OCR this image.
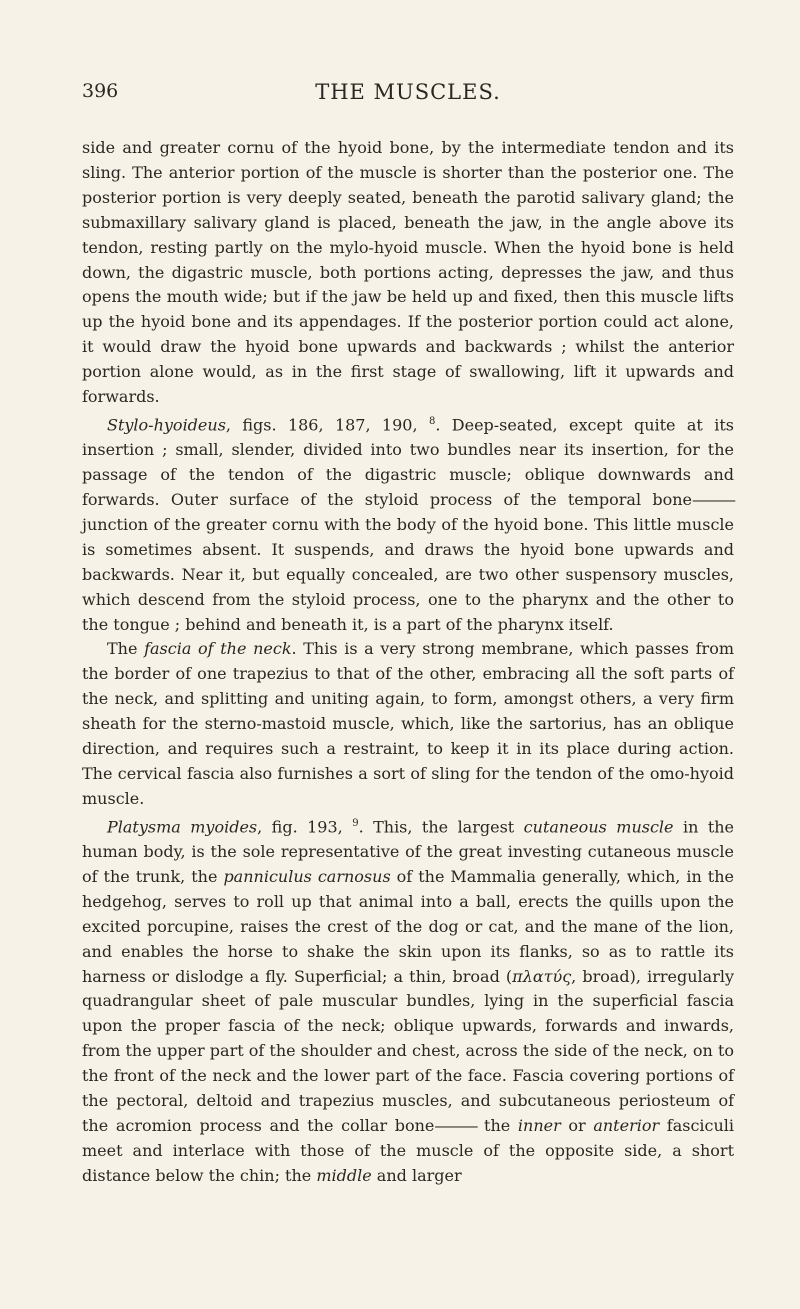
396	THE MUSCLES.

side and greater cornu of the hyoid bone, by the intermediate tendon and its sling. The anterior portion of the muscle is shorter than the posterior one. The posterior portion is very deeply seated, beneath the parotid salivary gland; the submaxillary salivary gland is placed, beneath the jaw, in the angle above its tendon, resting partly on the mylo-hyoid muscle. When the hyoid bone is held down, the digastric muscle, both portions acting, depresses the jaw, and thus opens the mouth wide; but if the jaw be held up and fixed, then this muscle lifts up the hyoid bone and its appendages. If the posterior portion could act alone, it would draw the hyoid bone upwards and backwards ; whilst the anterior portion alone would, as in the first stage of swallowing, lift it upwards and forwards.

Stylo-hyoideus, figs. 186, 187, 190, $^8$. Deep-seated, except quite at its insertion ; small, slender, divided into two bundles near its insertion, for the passage of the tendon of the digastric muscle; oblique downwards and forwards. Outer surface of the styloid process of the temporal bone——— junction of the greater cornu with the body of the hyoid bone. This little muscle is sometimes absent. It suspends, and draws the hyoid bone upwards and backwards. Near it, but equally concealed, are two other suspensory muscles, which descend from the styloid process, one to the pharynx and the other to the tongue ; behind and beneath it, is a part of the pharynx itself.

The fascia of the neck. This is a very strong membrane, which passes from the border of one trapezius to that of the other, embracing all the soft parts of the neck, and splitting and uniting again, to form, amongst others, a very firm sheath for the sterno-mastoid muscle, which, like the sartorius, has an oblique direction, and requires such a restraint, to keep it in its place during action. The cervical fascia also furnishes a sort of sling for the tendon of the omo-hyoid muscle.

Platysma myoides, fig. 193, $^9$. This, the largest cutaneous muscle in the human body, is the sole representative of the great investing cutaneous muscle of the trunk, the panniculus carnosus of the Mammalia generally, which, in the hedgehog, serves to roll up that animal into a ball, erects the quills upon the excited porcupine, raises the crest of the dog or cat, and the mane of the lion, and enables the horse to shake the skin upon its flanks, so as to rattle its harness or dislodge a fly. Superficial; a thin, broad (πλατύς, broad), irregularly quadrangular sheet of pale muscular bundles, lying in the superficial fascia upon the proper fascia of the neck; oblique upwards, forwards and inwards, from the upper part of the shoulder and chest, across the side of the neck, on to the front of the neck and the lower part of the face. Fascia covering portions of the pectoral, deltoid and trapezius muscles, and subcutaneous periosteum of the acromion process and the collar bone——— the inner or anterior fasciculi meet and interlace with those of the muscle of the opposite side, a short distance below the chin; the middle and larger
